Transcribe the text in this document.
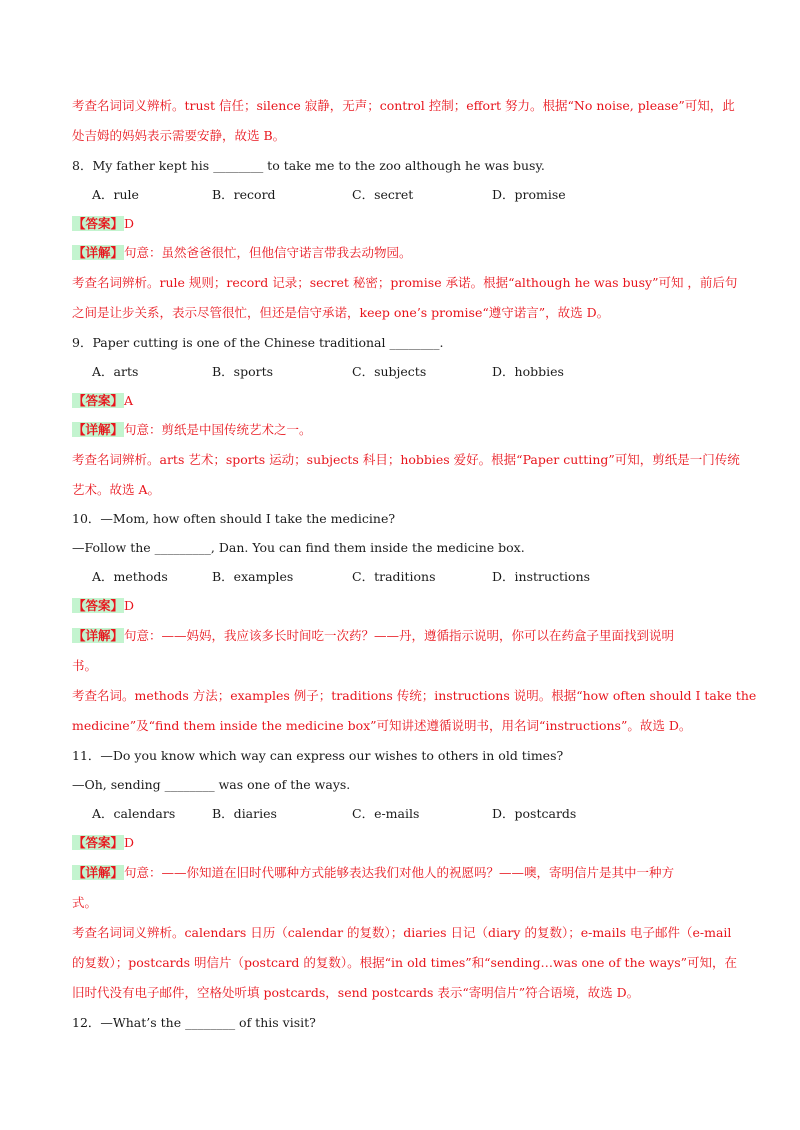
考查名词词义辨析。trust 信任；silence 寂静，无声；control 控制；effort 努力。根据“No noise, please”可知，此
处吉姆的妈妈表示需要安静，故选 B。
8．My father kept his ________ to take me to the zoo although he was busy.
A．rule	B．record	C．secret	D．promise
【答案】D
【详解】句意：虽然爸爸很忙，但他信守诺言带我去动物园。
考查名词辨析。rule 规则；record 记录；secret 秘密；promise 承诺。根据“although he was busy”可知 ，前后句
之间是让步关系，表示尽管很忙，但还是信守承诺，keep one’s promise“遵守诺言”，故选 D。
9．Paper cutting is one of the Chinese traditional ________.
A．arts	B．sports	C．subjects	D．hobbies
【答案】A
【详解】句意：剪纸是中国传统艺术之一。
考查名词辨析。arts 艺术；sports 运动；subjects 科目；hobbies 爱好。根据“Paper cutting”可知，剪纸是一门传统
艺术。故选 A。
10．—Mom, how often should I take the medicine?
—Follow the _________, Dan. You can find them inside the medicine box.
A．methods	B．examples	C．traditions	D．instructions
【答案】D
【详解】句意：——妈妈，我应该多长时间吃一次药？——丹，遵循指示说明，你可以在药盒子里面找到说明
书。
考查名词。methods 方法；examples 例子；traditions 传统；instructions 说明。根据“how often should I take the
medicine”及“find them inside the medicine box”可知讲述遵循说明书，用名词“instructions”。故选 D。
11．—Do you know which way can express our wishes to others in old times?
—Oh, sending ________ was one of the ways.
A．calendars	B．diaries	C．e-mails	D．postcards
【答案】D
【详解】句意：——你知道在旧时代哪种方式能够表达我们对他人的祝愿吗？——噢，寄明信片是其中一种方
式。
考查名词词义辨析。calendars 日历（calendar 的复数）；diaries 日记（diary 的复数）；e-mails 电子邮件（e-mail
的复数）；postcards 明信片（postcard 的复数）。根据“in old times”和“sending…was one of the ways”可知，在
旧时代没有电子邮件，空格处听填 postcards，send postcards 表示“寄明信片”符合语境，故选 D。
12．—What’s the ________ of this visit?
